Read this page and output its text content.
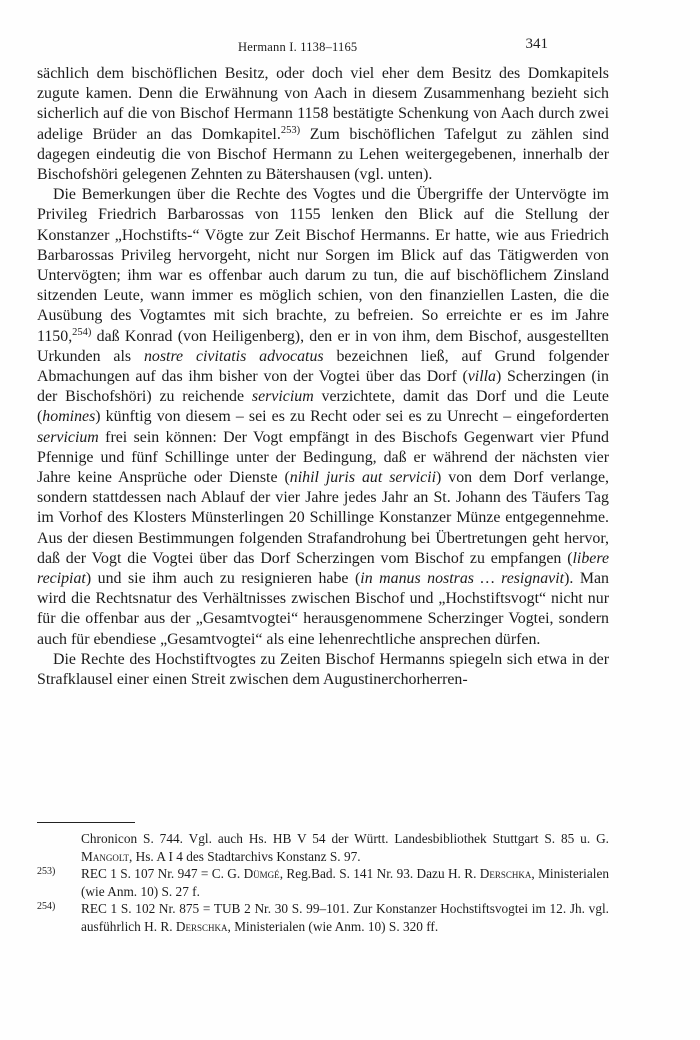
Hermann I. 1138–1165	341

sächlich dem bischöflichen Besitz, oder doch viel eher dem Besitz des Domkapitels zugute kamen. Denn die Erwähnung von Aach in diesem Zusammenhang bezieht sich sicherlich auf die von Bischof Hermann 1158 bestätigte Schenkung von Aach durch zwei adelige Brüder an das Domkapitel.$^{253)}$ Zum bischöflichen Tafelgut zu zählen sind dagegen eindeutig die von Bischof Hermann zu Lehen weitergegebenen, innerhalb der Bischofshöri gelegenen Zehnten zu Bätershausen (vgl. unten).

Die Bemerkungen über die Rechte des Vogtes und die Übergriffe der Untervögte im Privileg Friedrich Barbarossas von 1155 lenken den Blick auf die Stellung der Konstanzer „Hochstifts-“ Vögte zur Zeit Bischof Hermanns. Er hatte, wie aus Friedrich Barbarossas Privileg hervorgeht, nicht nur Sorgen im Blick auf das Tätigwerden von Untervögten; ihm war es offenbar auch darum zu tun, die auf bischöflichem Zinsland sitzenden Leute, wann immer es möglich schien, von den finanziellen Lasten, die die Ausübung des Vogtamtes mit sich brachte, zu befreien. So erreichte er es im Jahre 1150,$^{254)}$ daß Konrad (von Heiligenberg), den er in von ihm, dem Bischof, ausgestellten Urkunden als nostre civitatis advocatus bezeichnen ließ, auf Grund folgender Abmachungen auf das ihm bisher von der Vogtei über das Dorf (villa) Scherzingen (in der Bischofshöri) zu reichende servicium verzichtete, damit das Dorf und die Leute (homines) künftig von diesem – sei es zu Recht oder sei es zu Unrecht – eingeforderten servicium frei sein können: Der Vogt empfängt in des Bischofs Gegenwart vier Pfund Pfennige und fünf Schillinge unter der Bedingung, daß er während der nächsten vier Jahre keine Ansprüche oder Dienste (nihil juris aut servicii) von dem Dorf verlange, sondern stattdessen nach Ablauf der vier Jahre jedes Jahr an St. Johann des Täufers Tag im Vorhof des Klosters Münsterlingen 20 Schillinge Konstanzer Münze entgegennehme. Aus der diesen Bestimmungen folgenden Strafandrohung bei Übertretungen geht hervor, daß der Vogt die Vogtei über das Dorf Scherzingen vom Bischof zu empfangen (libere recipiat) und sie ihm auch zu resignieren habe (in manus nostras … resignavit). Man wird die Rechtsnatur des Verhältnisses zwischen Bischof und „Hochstiftsvogt“ nicht nur für die offenbar aus der „Gesamtvogtei“ herausgenommene Scherzinger Vogtei, sondern auch für ebendiese „Gesamtvogtei“ als eine lehenrechtliche ansprechen dürfen.

Die Rechte des Hochstiftvogtes zu Zeiten Bischof Hermanns spiegeln sich etwa in der Strafklausel einer einen Streit zwischen dem Augustinerchorherren-

Chronicon S. 744. Vgl. auch Hs. HB V 54 der Württ. Landesbibliothek Stuttgart S. 85 u. G. Mangolt, Hs. A I 4 des Stadtarchivs Konstanz S. 97.

253) REC 1 S. 107 Nr. 947 = C. G. Dümgé, Reg.Bad. S. 141 Nr. 93. Dazu H. R. Derschka, Ministerialen (wie Anm. 10) S. 27 f.

254) REC 1 S. 102 Nr. 875 = TUB 2 Nr. 30 S. 99–101. Zur Konstanzer Hochstiftsvogtei im 12. Jh. vgl. ausführlich H. R. Derschka, Ministerialen (wie Anm. 10) S. 320 ff.
